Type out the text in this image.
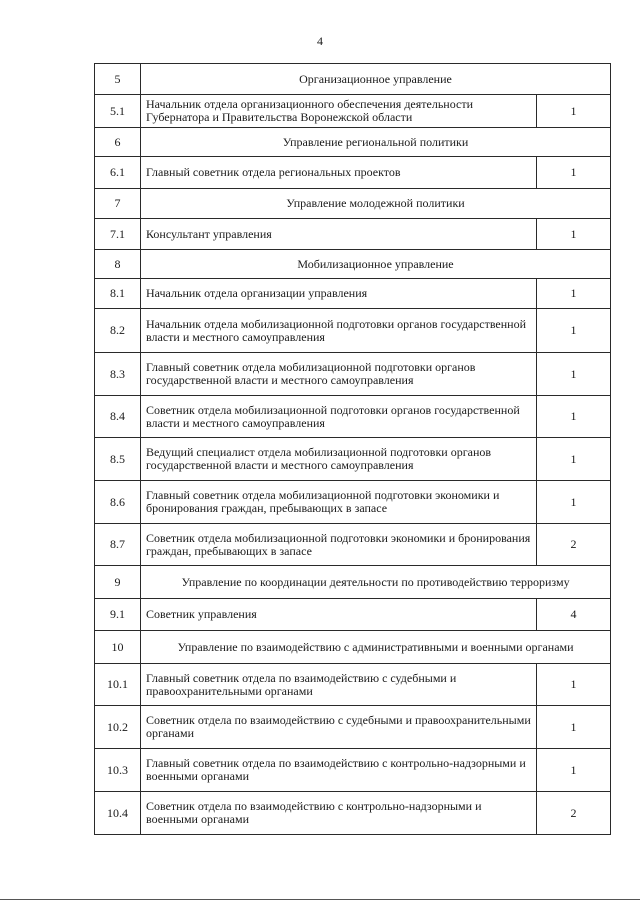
4
5	Организационное управление	
5.1	Начальник отдела организационного обеспечения деятельности Губернатора и Правительства Воронежской области	1
6	Управление региональной политики	
6.1	Главный советник отдела региональных проектов	1
7	Управление молодежной политики	
7.1	Консультант управления	1
8	Мобилизационное управление	
8.1	Начальник отдела организации управления	1
8.2	Начальник отдела мобилизационной подготовки органов государственной власти и местного самоуправления	1
8.3	Главный советник отдела мобилизационной подготовки органов государственной власти и местного самоуправления	1
8.4	Советник отдела мобилизационной подготовки органов государственной власти и местного самоуправления	1
8.5	Ведущий специалист отдела мобилизационной подготовки органов государственной власти и местного самоуправления	1
8.6	Главный советник отдела мобилизационной подготовки экономики и бронирования граждан, пребывающих в запасе	1
8.7	Советник отдела мобилизационной подготовки экономики и бронирования граждан, пребывающих в запасе	2
9	Управление по координации деятельности по противодействию терроризму	
9.1	Советник управления	4
10	Управление по взаимодействию с административными и военными органами	
10.1	Главный советник отдела по взаимодействию с судебными и правоохранительными органами	1
10.2	Советник отдела по взаимодействию с судебными и правоохранительными органами	1
10.3	Главный советник отдела по взаимодействию с контрольно-надзорными и военными органами	1
10.4	Советник отдела по взаимодействию с контрольно-надзорными и военными органами	2
